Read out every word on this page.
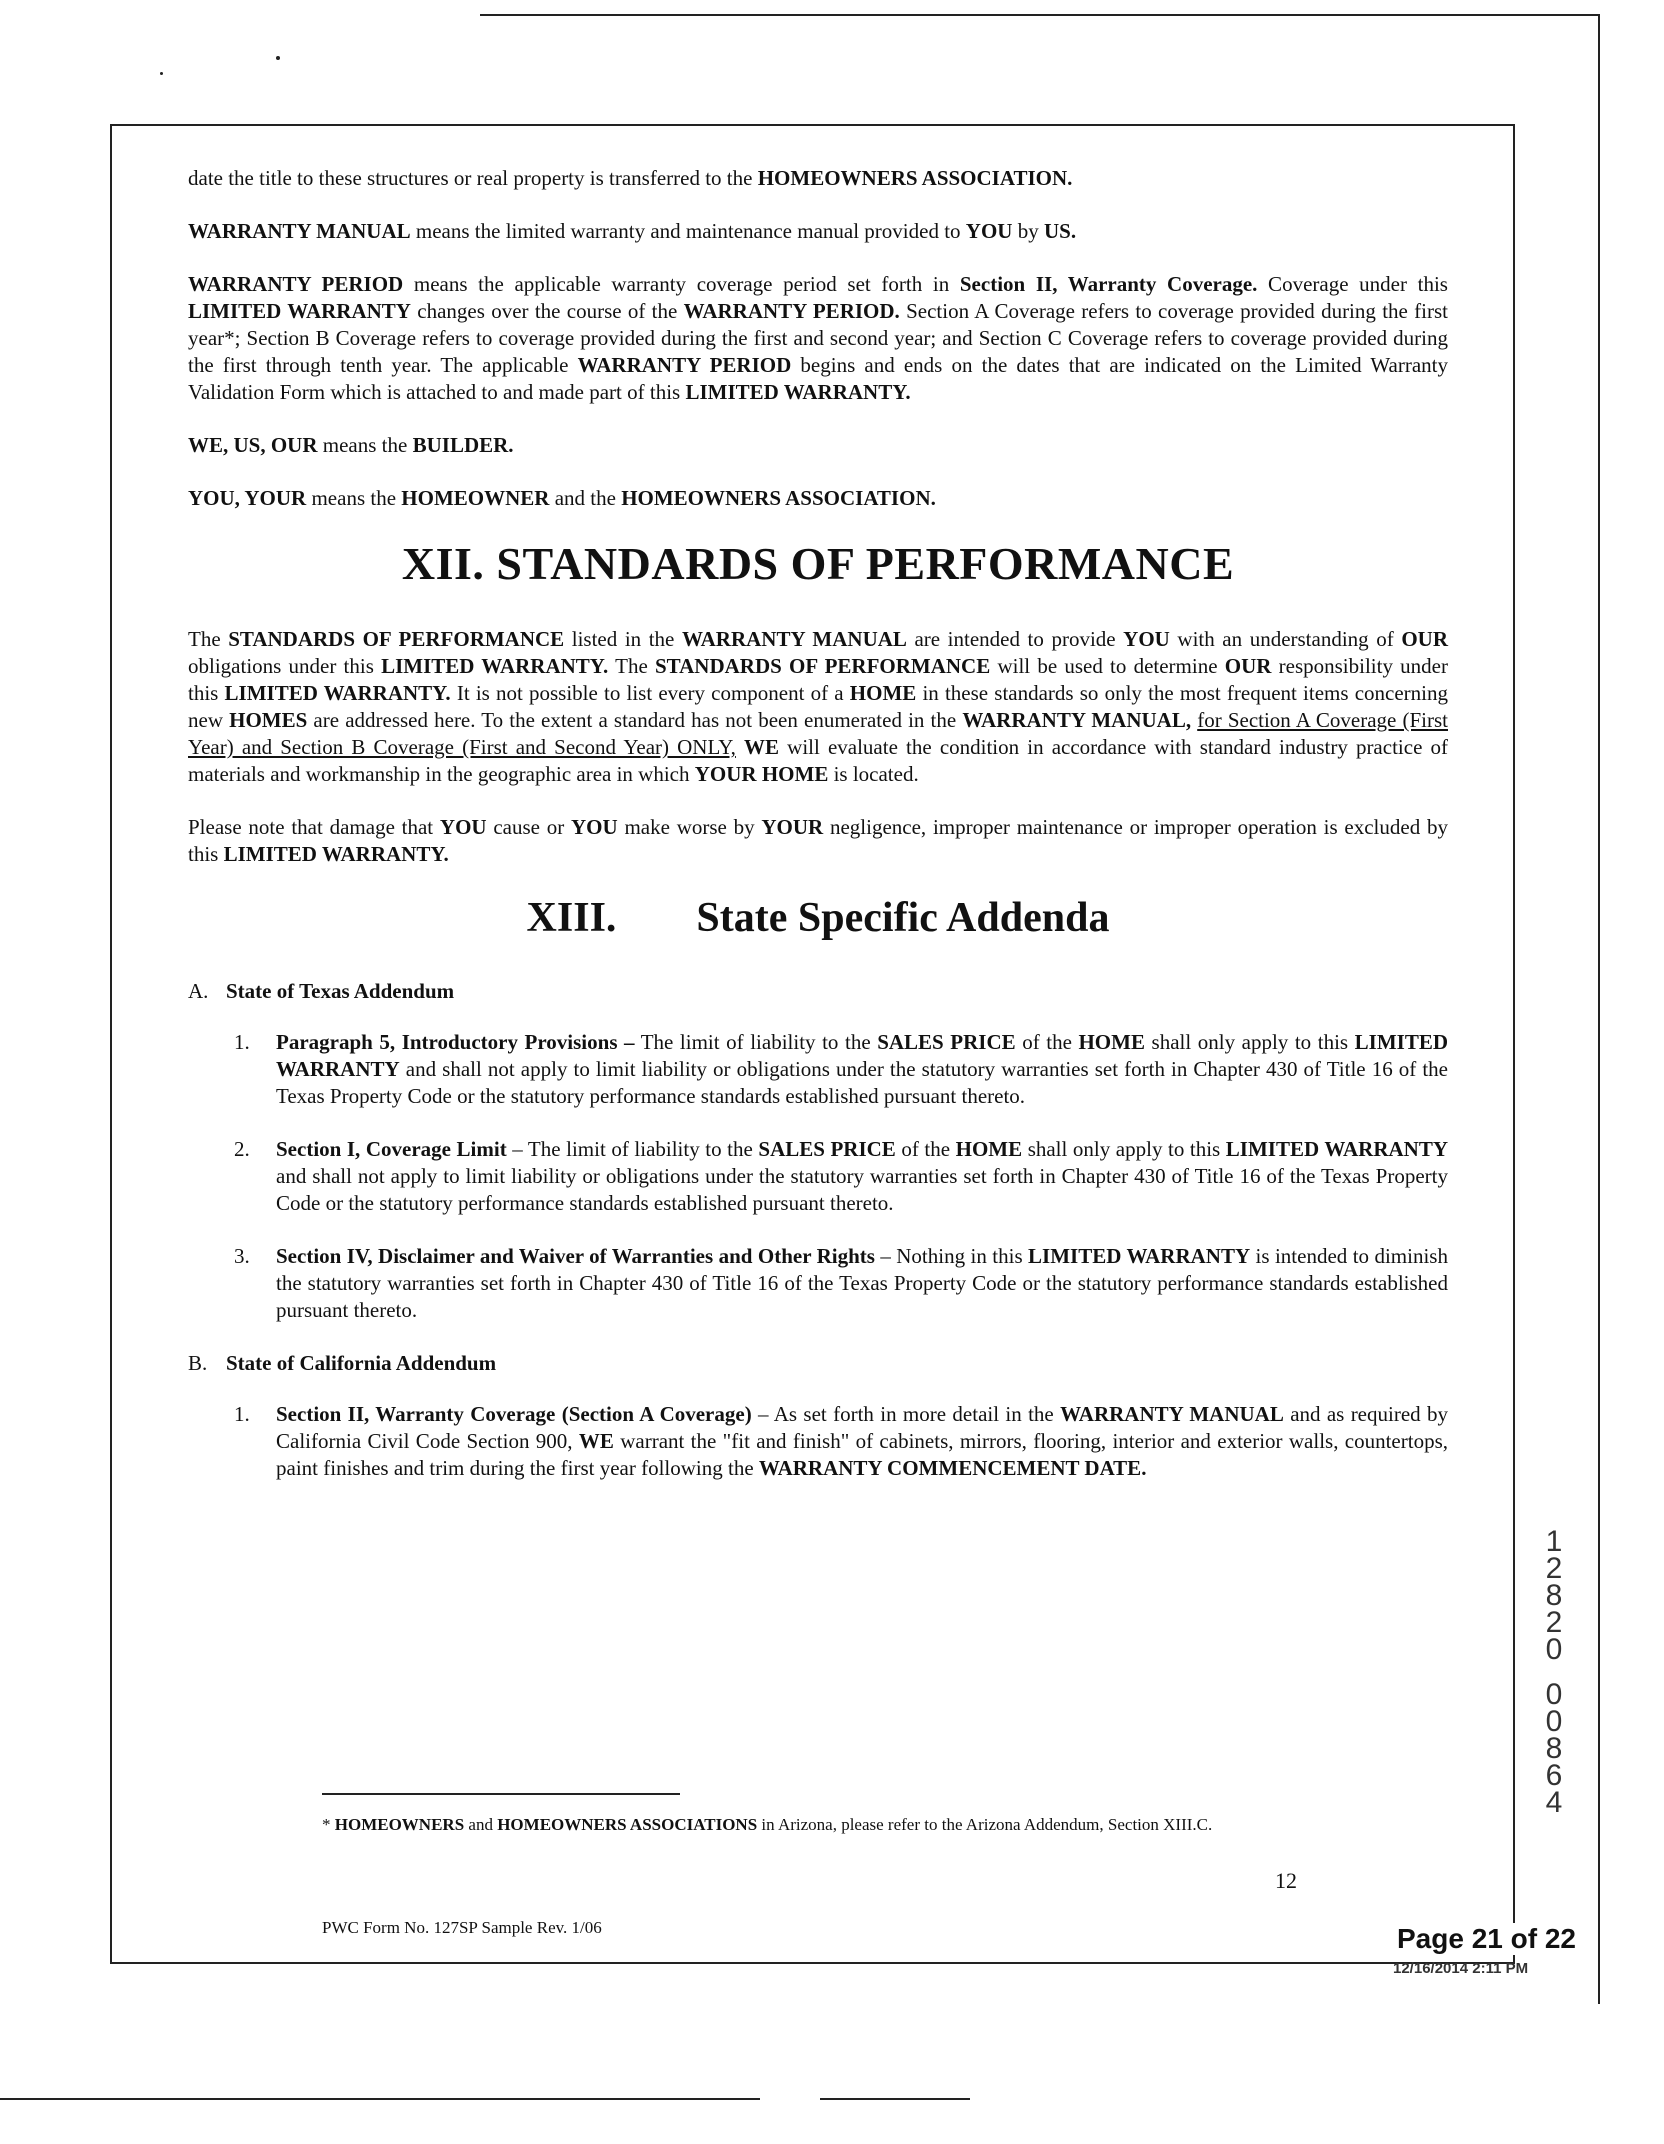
date the title to these structures or real property is transferred to the HOMEOWNERS ASSOCIATION.

WARRANTY MANUAL means the limited warranty and maintenance manual provided to YOU by US.

WARRANTY PERIOD means the applicable warranty coverage period set forth in Section II, Warranty Coverage. Coverage under this LIMITED WARRANTY changes over the course of the WARRANTY PERIOD. Section A Coverage refers to coverage provided during the first year*; Section B Coverage refers to coverage provided during the first and second year; and Section C Coverage refers to coverage provided during the first through tenth year. The applicable WARRANTY PERIOD begins and ends on the dates that are indicated on the Limited Warranty Validation Form which is attached to and made part of this LIMITED WARRANTY.

WE, US, OUR means the BUILDER.

YOU, YOUR means the HOMEOWNER and the HOMEOWNERS ASSOCIATION.

XII. STANDARDS OF PERFORMANCE

The STANDARDS OF PERFORMANCE listed in the WARRANTY MANUAL are intended to provide YOU with an understanding of OUR obligations under this LIMITED WARRANTY. The STANDARDS OF PERFORMANCE will be used to determine OUR responsibility under this LIMITED WARRANTY. It is not possible to list every component of a HOME in these standards so only the most frequent items concerning new HOMES are addressed here. To the extent a standard has not been enumerated in the WARRANTY MANUAL, for Section A Coverage (First Year) and Section B Coverage (First and Second Year) ONLY, WE will evaluate the condition in accordance with standard industry practice of materials and workmanship in the geographic area in which YOUR HOME is located.

Please note that damage that YOU cause or YOU make worse by YOUR negligence, improper maintenance or improper operation is excluded by this LIMITED WARRANTY.

XIII. State Specific Addenda
A. State of Texas Addendum
1.	Paragraph 5, Introductory Provisions – The limit of liability to the SALES PRICE of the HOME shall only apply to this LIMITED WARRANTY and shall not apply to limit liability or obligations under the statutory warranties set forth in Chapter 430 of Title 16 of the Texas Property Code or the statutory performance standards established pursuant thereto.
2.	Section I, Coverage Limit – The limit of liability to the SALES PRICE of the HOME shall only apply to this LIMITED WARRANTY and shall not apply to limit liability or obligations under the statutory warranties set forth in Chapter 430 of Title 16 of the Texas Property Code or the statutory performance standards established pursuant thereto.
3.	Section IV, Disclaimer and Waiver of Warranties and Other Rights – Nothing in this LIMITED WARRANTY is intended to diminish the statutory warranties set forth in Chapter 430 of Title 16 of the Texas Property Code or the statutory performance standards established pursuant thereto.
B. State of California Addendum
1.	Section II, Warranty Coverage (Section A Coverage) – As set forth in more detail in the WARRANTY MANUAL and as required by California Civil Code Section 900, WE warrant the "fit and finish" of cabinets, mirrors, flooring, interior and exterior walls, countertops, paint finishes and trim during the first year following the WARRANTY COMMENCEMENT DATE.
* HOMEOWNERS and HOMEOWNERS ASSOCIATIONS in Arizona, please refer to the Arizona Addendum, Section XIII.C.
12
PWC Form No. 127SP Sample Rev. 1/06	Page 21 of 22
12/16/2014 2:11 PM
1
2
8
2
0
0
0
8
6
4
